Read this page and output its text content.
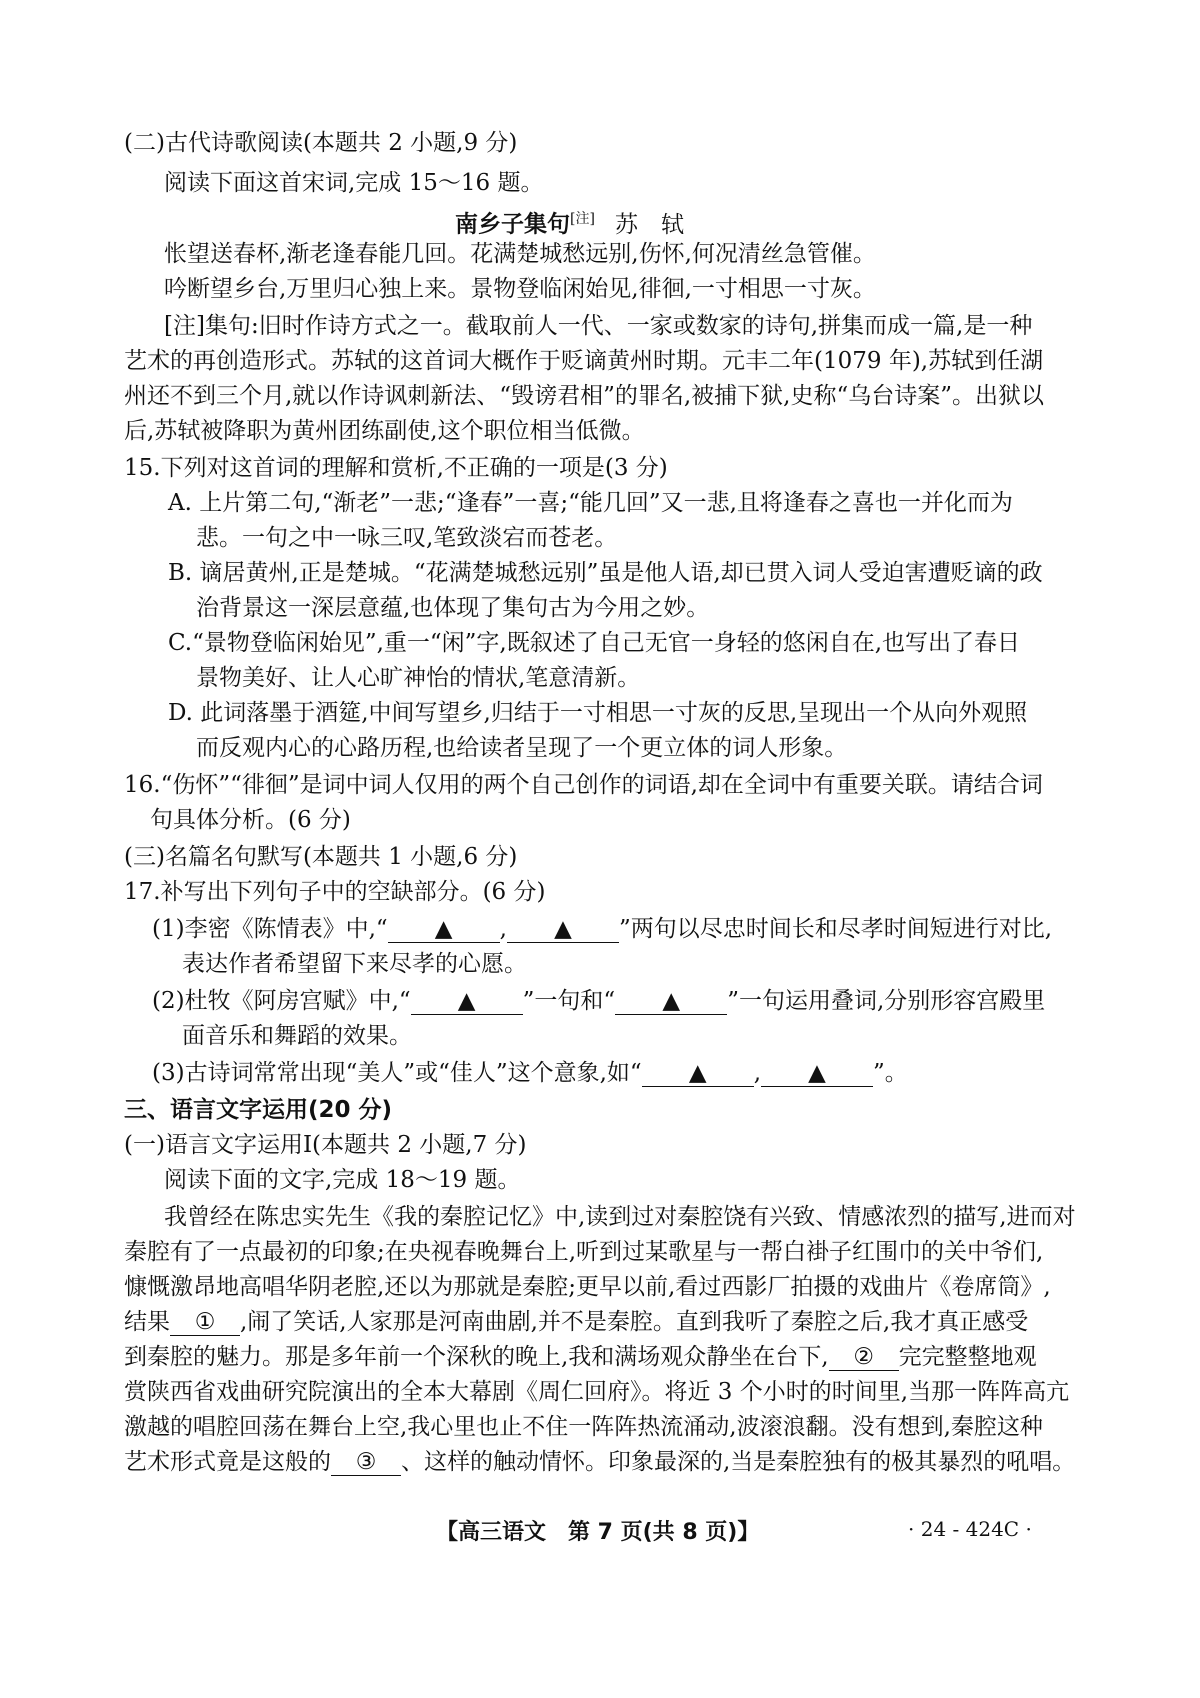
(二)古代诗歌阅读(本题共 2 小题,9 分)
阅读下面这首宋词,完成 15～16 题。
南乡子集句[注] 苏　轼
怅望送春杯,渐老逢春能几回。花满楚城愁远别,伤怀,何况清丝急管催。
吟断望乡台,万里归心独上来。景物登临闲始见,徘徊,一寸相思一寸灰。
[注]集句:旧时作诗方式之一。截取前人一代、一家或数家的诗句,拼集而成一篇,是一种
艺术的再创造形式。苏轼的这首词大概作于贬谪黄州时期。元丰二年(1079 年),苏轼到任湖
州还不到三个月,就以作诗讽刺新法、“毁谤君相”的罪名,被捕下狱,史称“乌台诗案”。出狱以
后,苏轼被降职为黄州团练副使,这个职位相当低微。
15.下列对这首词的理解和赏析,不正确的一项是(3 分)
A. 上片第二句,“渐老”一悲;“逢春”一喜;“能几回”又一悲,且将逢春之喜也一并化而为
悲。一句之中一咏三叹,笔致淡宕而苍老。
B. 谪居黄州,正是楚城。“花满楚城愁远别”虽是他人语,却已贯入词人受迫害遭贬谪的政
治背景这一深层意蕴,也体现了集句古为今用之妙。
C.“景物登临闲始见”,重一“闲”字,既叙述了自己无官一身轻的悠闲自在,也写出了春日
景物美好、让人心旷神怡的情状,笔意清新。
D. 此词落墨于酒筵,中间写望乡,归结于一寸相思一寸灰的反思,呈现出一个从向外观照
而反观内心的心路历程,也给读者呈现了一个更立体的词人形象。
16.“伤怀”“徘徊”是词中词人仅用的两个自己创作的词语,却在全词中有重要关联。请结合词
句具体分析。(6 分)
(三)名篇名句默写(本题共 1 小题,6 分)
17.补写出下列句子中的空缺部分。(6 分)
(1)李密《陈情表》中,“ ▲ , ▲ ”两句以尽忠时间长和尽孝时间短进行对比,
表达作者希望留下来尽孝的心愿。
(2)杜牧《阿房宫赋》中,“ ▲ ”一句和“ ▲ ”一句运用叠词,分别形容宫殿里
面音乐和舞蹈的效果。
(3)古诗词常常出现“美人”或“佳人”这个意象,如“ ▲ , ▲ ”。
三、语言文字运用(20 分)
(一)语言文字运用Ⅰ(本题共 2 小题,7 分)
阅读下面的文字,完成 18～19 题。
我曾经在陈忠实先生《我的秦腔记忆》中,读到过对秦腔饶有兴致、情感浓烈的描写,进而对
秦腔有了一点最初的印象;在央视春晚舞台上,听到过某歌星与一帮白褂子红围巾的关中爷们,
慷慨激昂地高唱华阴老腔,还以为那就是秦腔;更早以前,看过西影厂拍摄的戏曲片《卷席筒》,
结果 ① ,闹了笑话,人家那是河南曲剧,并不是秦腔。直到我听了秦腔之后,我才真正感受
到秦腔的魅力。那是多年前一个深秋的晚上,我和满场观众静坐在台下, ② 完完整整地观
赏陕西省戏曲研究院演出的全本大幕剧《周仁回府》。将近 3 个小时的时间里,当那一阵阵高亢
激越的唱腔回荡在舞台上空,我心里也止不住一阵阵热流涌动,波滚浪翻。没有想到,秦腔这种
艺术形式竟是这般的 ③ 、这样的触动情怀。印象最深的,当是秦腔独有的极其暴烈的吼唱。
【高三语文　第 7 页(共 8 页)】	· 24 - 424C ·
